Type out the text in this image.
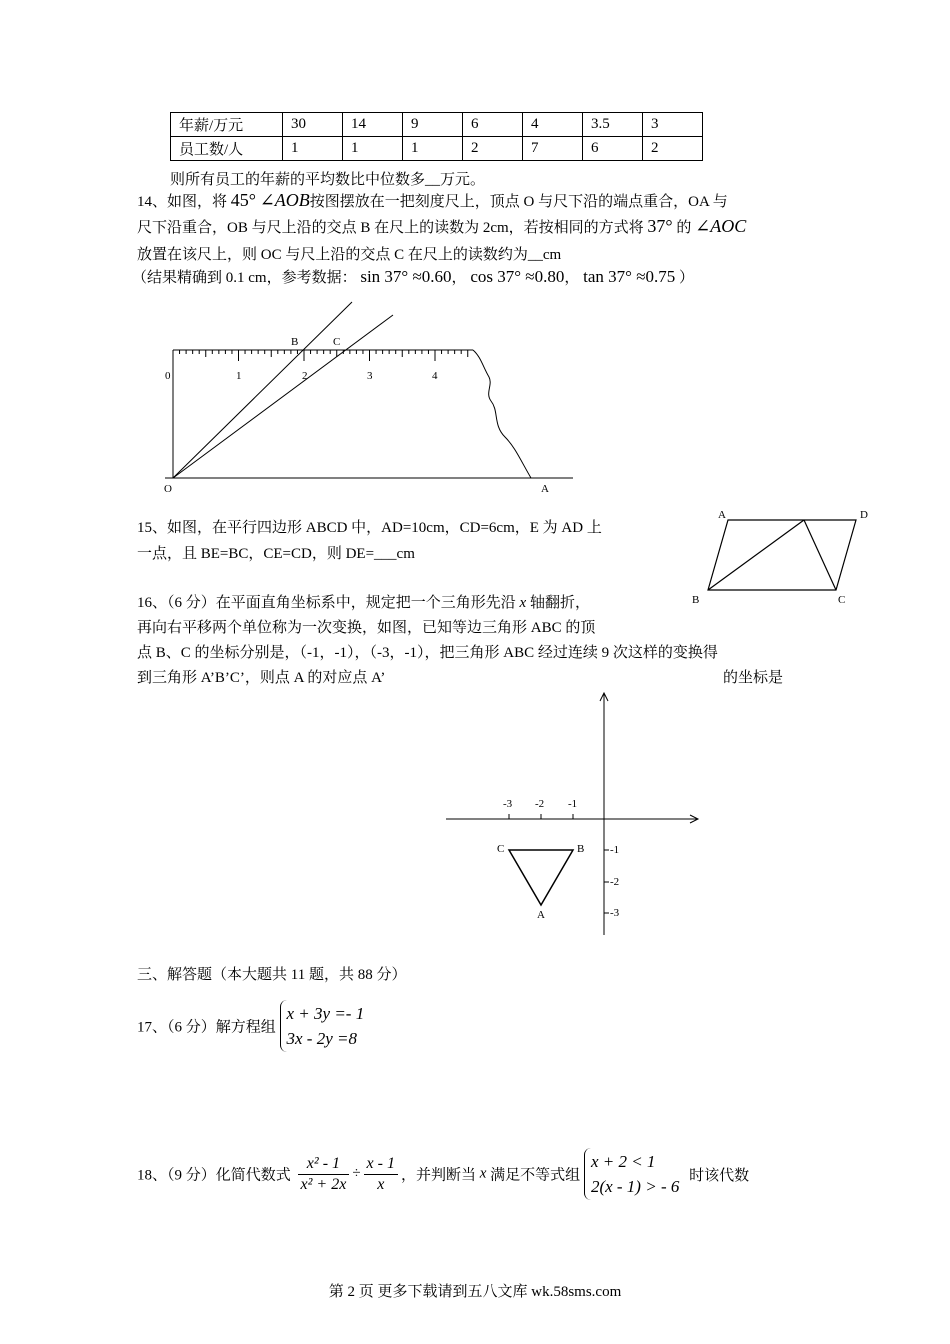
年薪/万元	30	14	9	6	4	3.5	3
员工数/人	1	1	1	2	7	6	2
则所有员工的年薪的平均数比中位数多__万元。
14、如图，将 45° ∠AOB按图摆放在一把刻度尺上，顶点 O 与尺下沿的端点重合，OA 与
尺下沿重合，OB 与尺上沿的交点 B 在尺上的读数为 2cm，若按相同的方式将 37° 的 ∠AOC
放置在该尺上，则 OC 与尺上沿的交点 C 在尺上的读数约为__cm
（结果精确到 0.1 cm，参考数据： sin 37° ≈0.60， cos 37° ≈0.80， tan 37° ≈0.75 ）
B	C
0	1	2	3	4
O	A
15、如图，在平行四边形 ABCD 中，AD=10cm，CD=6cm，E 为 AD 上
一点，且 BE=BC，CE=CD，则 DE=___cm
A	D
B	C
16、（6 分）在平面直角坐标系中，规定把一个三角形先沿 x 轴翻折，
再向右平移两个单位称为一次变换，如图，已知等边三角形 ABC 的顶
点 B、C 的坐标分别是，（-1，-1），（-3，-1），把三角形 ABC 经过连续 9 次这样的变换得
到三角形 A’B’C’，则点 A 的对应点 A’	的坐标是
-3 -2 -1
-1
-2
-3
C	B
A
三、解答题（本大题共 11 题，共 88 分）
17、（6 分）解方程组
x + 3y =- 1
3x - 2y =8
18、（9 分）化简代数式 $\frac{\text{x² - 1}}{\text{x² + 2x}} \div \frac{x - 1}{x}$ ，并判断当 x 满足不等式组
x + 2 < 1
2(x - 1) > - 6
时该代数
第 2 页 更多下载请到五八文库 wk.58sms.com
